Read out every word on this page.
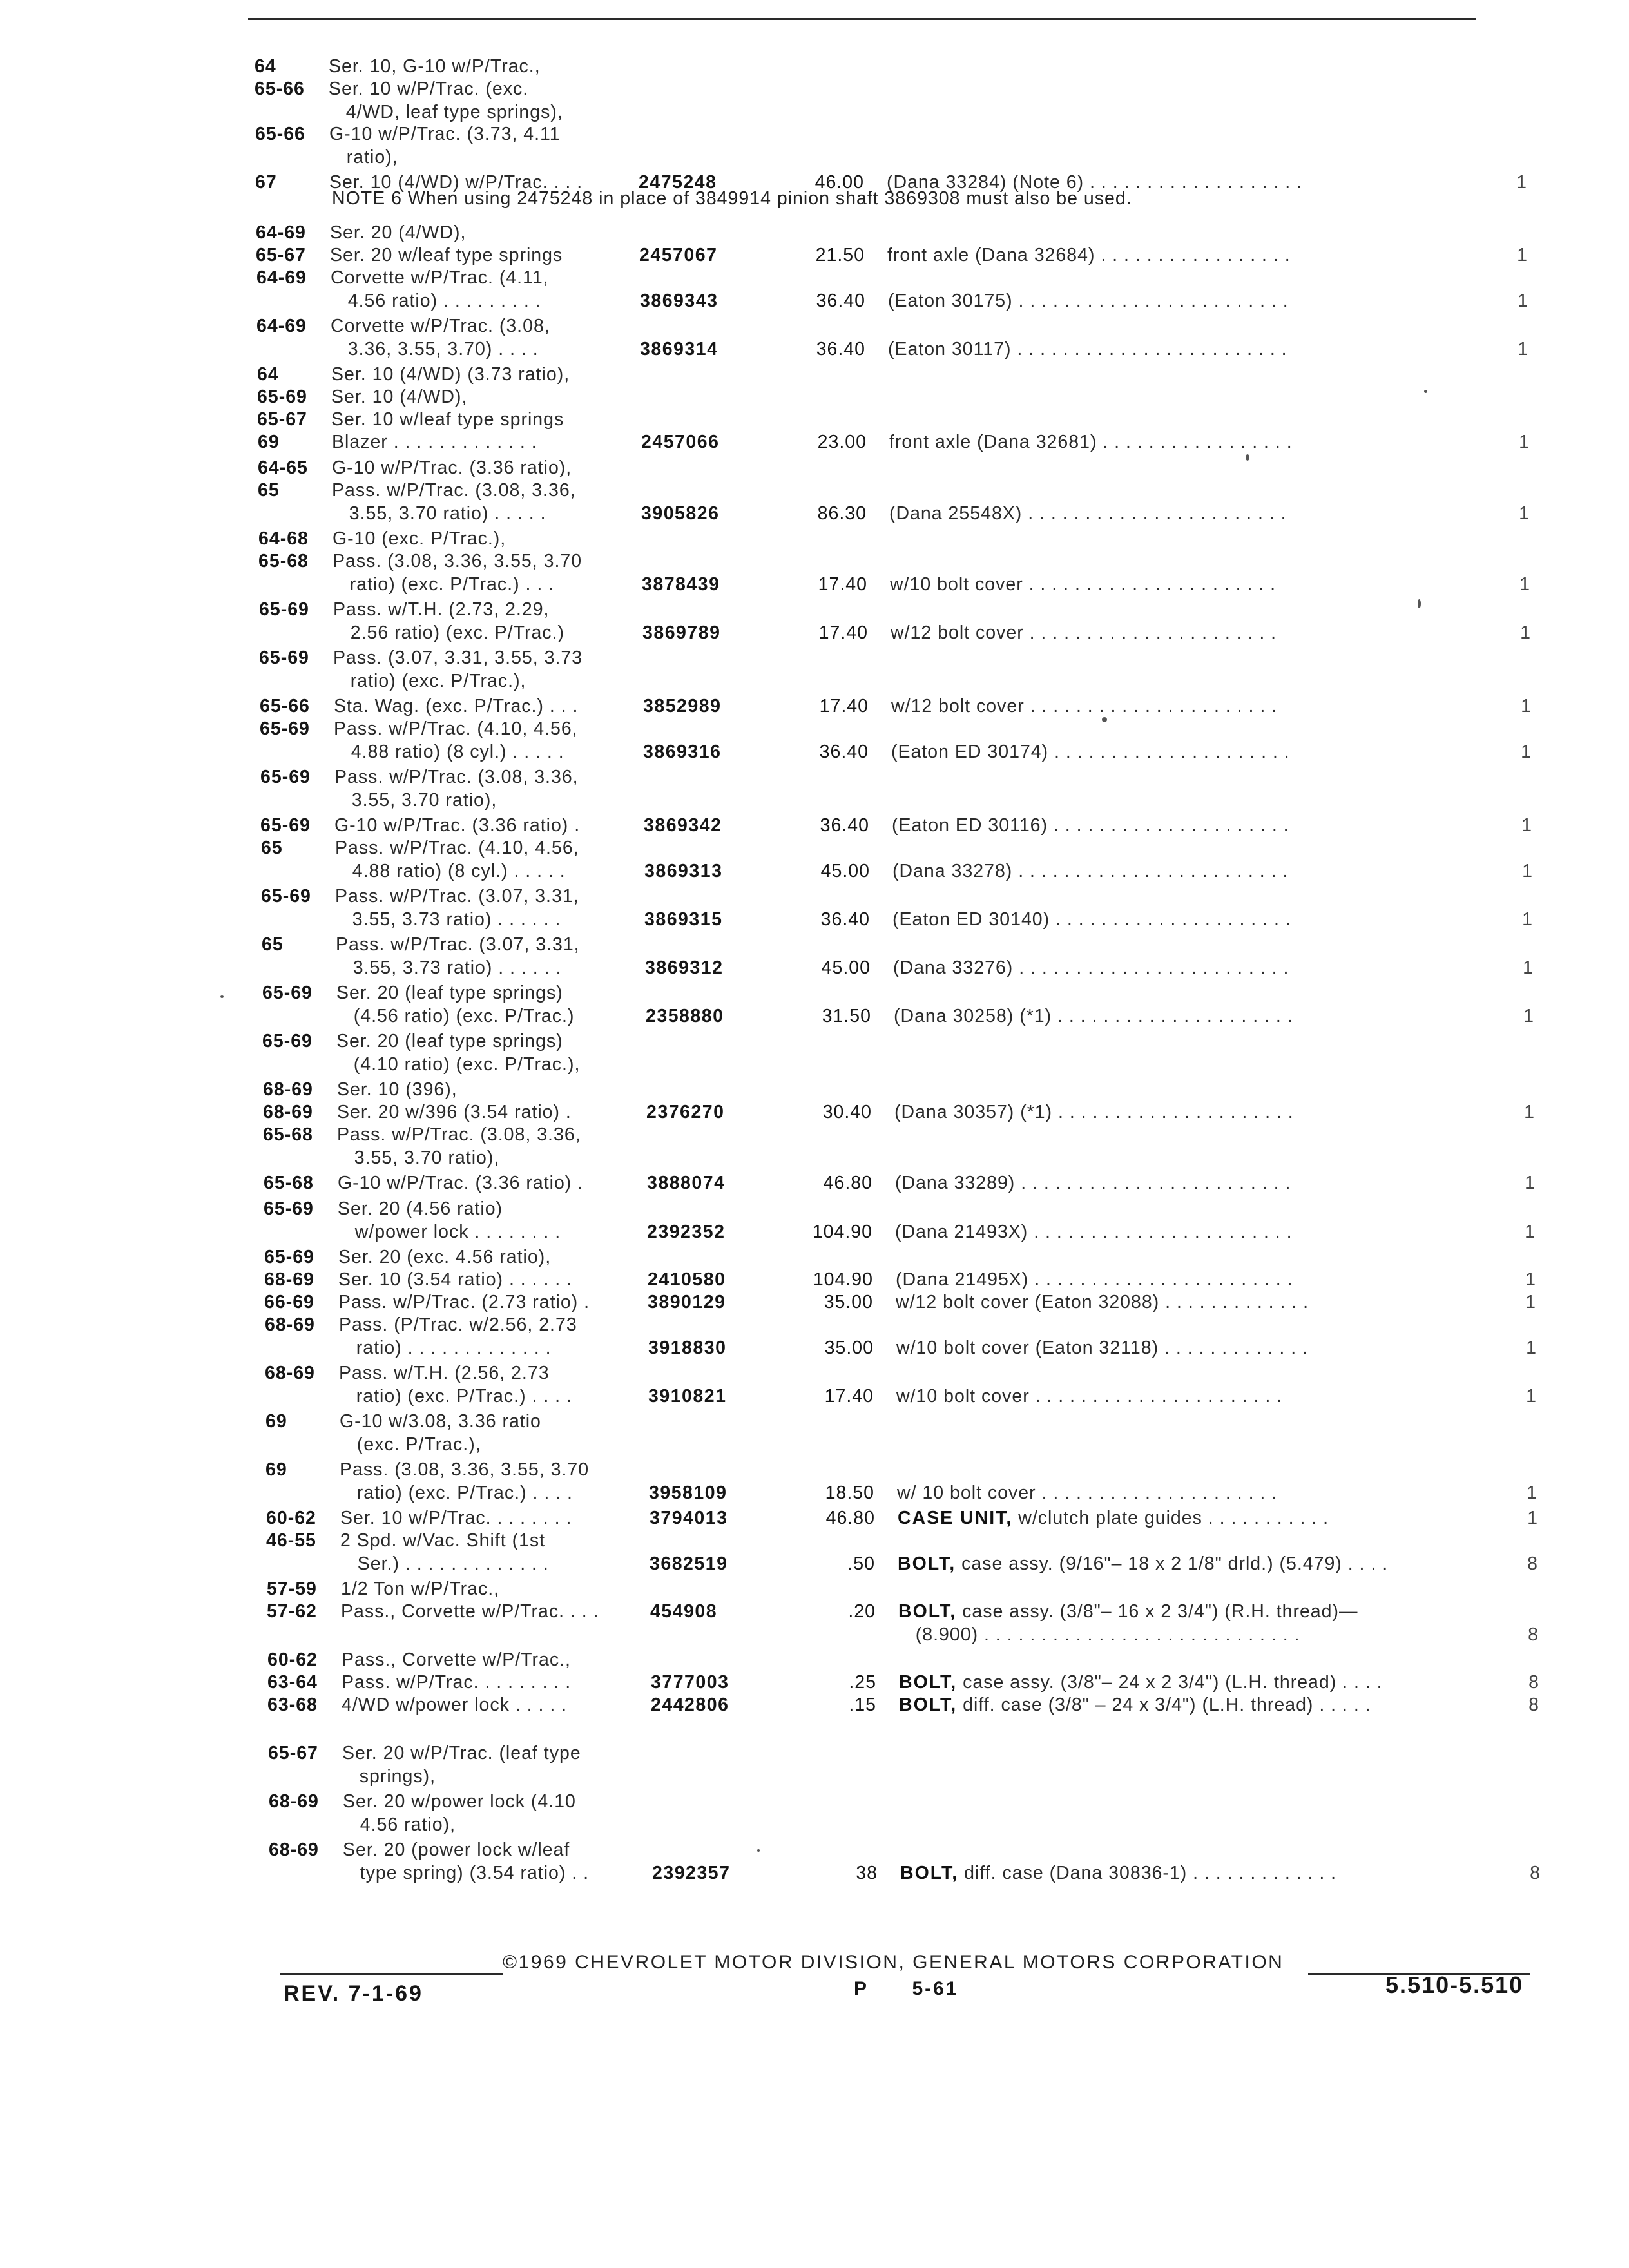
64	Ser. 10, G-10 w/P/Trac.,
65-66 Ser. 10 w/P/Trac. (exc.
4/WD, leaf type springs),
65-66 G-10 w/P/Trac. (3.73, 4.11
ratio),
67	Ser. 10 (4/WD) w/P/Trac. . . .	2475248	46.00 (Dana 33284) (Note 6) . . . . . . . . . . . . . . . . . . .	1
64-69 Ser. 20 (4/WD),
65-67 Ser. 20 w/leaf type springs	2457067	21.50 front axle (Dana 32684) . . . . . . . . . . . . . . . . .	1
64-69 Corvette w/P/Trac. (4.11,
4.56 ratio) . . . . . . . . .	3869343	36.40 (Eaton 30175) . . . . . . . . . . . . . . . . . . . . . . . .	1
64-69 Corvette w/P/Trac. (3.08,
3.36, 3.55, 3.70) . . . .	3869314	36.40 (Eaton 30117) . . . . . . . . . . . . . . . . . . . . . . . .	1
64	Ser. 10 (4/WD) (3.73 ratio),
65-69 Ser. 10 (4/WD),
65-67 Ser. 10 w/leaf type springs
69	Blazer . . . . . . . . . . . . .	2457066	23.00 front axle (Dana 32681) . . . . . . . . . . . . . . . . .	1
64-65 G-10 w/P/Trac. (3.36 ratio),
65	Pass. w/P/Trac. (3.08, 3.36,
3.55, 3.70 ratio) . . . . .	3905826	86.30 (Dana 25548X) . . . . . . . . . . . . . . . . . . . . . . .	1
64-68 G-10 (exc. P/Trac.),
65-68 Pass. (3.08, 3.36, 3.55, 3.70
ratio) (exc. P/Trac.) . . .	3878439	17.40 w/10 bolt cover . . . . . . . . . . . . . . . . . . . . . .	1
65-69 Pass. w/T.H. (2.73, 2.29,
2.56 ratio) (exc. P/Trac.)	3869789	17.40 w/12 bolt cover . . . . . . . . . . . . . . . . . . . . . .	1
65-69 Pass. (3.07, 3.31, 3.55, 3.73
ratio) (exc. P/Trac.),
65-66 Sta. Wag. (exc. P/Trac.) . . .	3852989	17.40 w/12 bolt cover . . . . . . . . . . . . . . . . . . . . . .	1
65-69 Pass. w/P/Trac. (4.10, 4.56,
4.88 ratio) (8 cyl.) . . . . .	3869316	36.40 (Eaton ED 30174) . . . . . . . . . . . . . . . . . . . . .	1
65-69 Pass. w/P/Trac. (3.08, 3.36,
3.55, 3.70 ratio),
65-69 G-10 w/P/Trac. (3.36 ratio) .	3869342	36.40 (Eaton ED 30116) . . . . . . . . . . . . . . . . . . . . .	1
65	Pass. w/P/Trac. (4.10, 4.56,
4.88 ratio) (8 cyl.) . . . . .	3869313	45.00 (Dana 33278) . . . . . . . . . . . . . . . . . . . . . . . .	1
65-69 Pass. w/P/Trac. (3.07, 3.31,
3.55, 3.73 ratio) . . . . . .	3869315	36.40 (Eaton ED 30140) . . . . . . . . . . . . . . . . . . . . .	1
65	Pass. w/P/Trac. (3.07, 3.31,
3.55, 3.73 ratio) . . . . . .	3869312	45.00 (Dana 33276) . . . . . . . . . . . . . . . . . . . . . . . .	1
65-69 Ser. 20 (leaf type springs)
(4.56 ratio) (exc. P/Trac.)	2358880	31.50 (Dana 30258) (*1) . . . . . . . . . . . . . . . . . . . . .	1
65-69 Ser. 20 (leaf type springs)
(4.10 ratio) (exc. P/Trac.),
68-69 Ser. 10 (396),
68-69 Ser. 20 w/396 (3.54 ratio) .	2376270	30.40 (Dana 30357) (*1) . . . . . . . . . . . . . . . . . . . . .	1
65-68 Pass. w/P/Trac. (3.08, 3.36,
3.55, 3.70 ratio),
65-68 G-10 w/P/Trac. (3.36 ratio) .	3888074	46.80 (Dana 33289) . . . . . . . . . . . . . . . . . . . . . . . .	1
65-69 Ser. 20 (4.56 ratio)
w/power lock . . . . . . . .	2392352	104.90 (Dana 21493X) . . . . . . . . . . . . . . . . . . . . . . .	1
65-69 Ser. 20 (exc. 4.56 ratio),
68-69 Ser. 10 (3.54 ratio) . . . . . .	2410580	104.90 (Dana 21495X) . . . . . . . . . . . . . . . . . . . . . . .	1
66-69 Pass. w/P/Trac. (2.73 ratio) .	3890129	35.00 w/12 bolt cover (Eaton 32088) . . . . . . . . . . . . .	1
68-69 Pass. (P/Trac. w/2.56, 2.73
ratio) . . . . . . . . . . . . .	3918830	35.00 w/10 bolt cover (Eaton 32118) . . . . . . . . . . . . .	1
68-69 Pass. w/T.H. (2.56, 2.73
ratio) (exc. P/Trac.) . . . .	3910821	17.40 w/10 bolt cover . . . . . . . . . . . . . . . . . . . . . .	1
69	G-10 w/3.08, 3.36 ratio
(exc. P/Trac.),
69	Pass. (3.08, 3.36, 3.55, 3.70
ratio) (exc. P/Trac.) . . . .	3958109	18.50 w/ 10 bolt cover . . . . . . . . . . . . . . . . . . . . .	1
60-62 Ser. 10 w/P/Trac. . . . . . . .	3794013	46.80 CASE UNIT, w/clutch plate guides . . . . . . . . . . .	1
46-55 2 Spd. w/Vac. Shift (1st
Ser.) . . . . . . . . . . . . .	3682519	.50 BOLT, case assy. (9/16"– 18 x 2 1/8" drld.) (5.479) . . . .	8
57-59 1/2 Ton w/P/Trac.,
57-62 Pass., Corvette w/P/Trac. . . .	454908	.20 BOLT, case assy. (3/8"– 16 x 2 3/4") (R.H. thread)—
(8.900) . . . . . . . . . . . . . . . . . . . . . . . . . . . .	8
60-62 Pass., Corvette w/P/Trac.,
63-64 Pass. w/P/Trac. . . . . . . . .	3777003	.25 BOLT, case assy. (3/8"– 24 x 2 3/4") (L.H. thread) . . . .	8
63-68 4/WD w/power lock . . . . .	2442806	.15 BOLT, diff. case (3/8" – 24 x 3/4") (L.H. thread) . . . . .	8
65-67 Ser. 20 w/P/Trac. (leaf type
springs),
68-69 Ser. 20 w/power lock (4.10
4.56 ratio),
68-69 Ser. 20 (power lock w/leaf
type spring) (3.54 ratio) . .	2392357	38 BOLT, diff. case (Dana 30836-1) . . . . . . . . . . . . .	8
NOTE 6 When using 2475248 in place of 3849914 pinion shaft 3869308 must also be used.
©1969 CHEVROLET MOTOR DIVISION, GENERAL MOTORS CORPORATION
REV. 7-1-69	P      5-61	5.510-5.510
